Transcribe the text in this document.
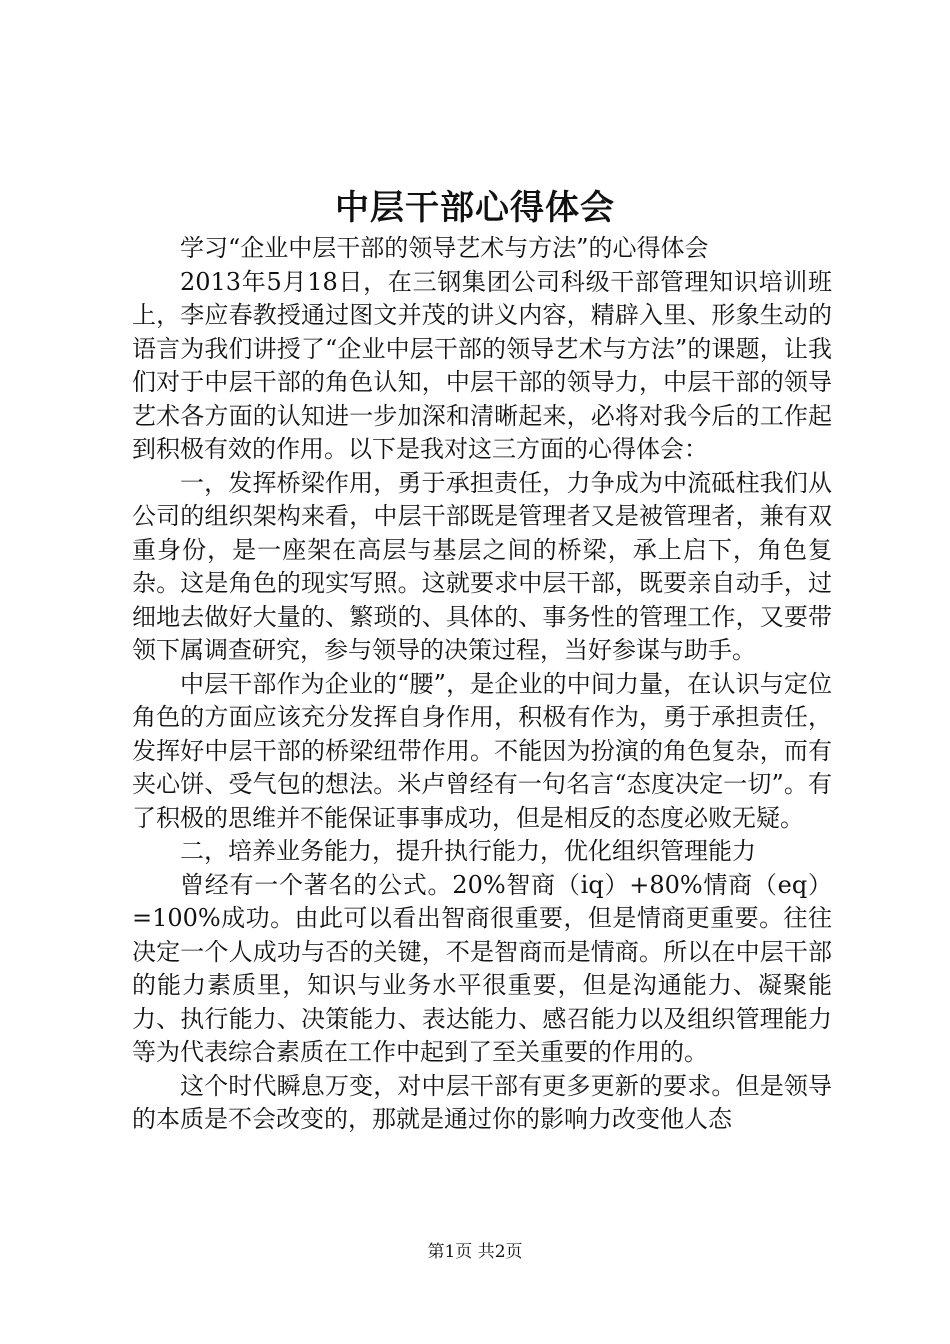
中层干部心得体会

学习“企业中层干部的领导艺术与方法”的心得体会

2013年5月18日，在三钢集团公司科级干部管理知识培训班上，李应春教授通过图文并茂的讲义内容，精辟入里、形象生动的语言为我们讲授了“企业中层干部的领导艺术与方法”的课题，让我们对于中层干部的角色认知，中层干部的领导力，中层干部的领导艺术各方面的认知进一步加深和清晰起来，必将对我今后的工作起到积极有效的作用。以下是我对这三方面的心得体会：

一，发挥桥梁作用，勇于承担责任，力争成为中流砥柱我们从公司的组织架构来看，中层干部既是管理者又是被管理者，兼有双重身份，是一座架在高层与基层之间的桥梁，承上启下，角色复杂。这是角色的现实写照。这就要求中层干部，既要亲自动手，过细地去做好大量的、繁琐的、具体的、事务性的管理工作，又要带领下属调查研究，参与领导的决策过程，当好参谋与助手。

中层干部作为企业的“腰”，是企业的中间力量，在认识与定位角色的方面应该充分发挥自身作用，积极有作为，勇于承担责任，发挥好中层干部的桥梁纽带作用。不能因为扮演的角色复杂，而有夹心饼、受气包的想法。米卢曾经有一句名言“态度决定一切”。有了积极的思维并不能保证事事成功，但是相反的态度必败无疑。

二，培养业务能力，提升执行能力，优化组织管理能力

曾经有一个著名的公式。20%智商（iq）+80%情商（eq）=100%成功。由此可以看出智商很重要，但是情商更重要。往往决定一个人成功与否的关键，不是智商而是情商。所以在中层干部的能力素质里，知识与业务水平很重要，但是沟通能力、凝聚能力、执行能力、决策能力、表达能力、感召能力以及组织管理能力等为代表综合素质在工作中起到了至关重要的作用的。

这个时代瞬息万变，对中层干部有更多更新的要求。但是领导的本质是不会改变的，那就是通过你的影响力改变他人态

第1页 共2页
